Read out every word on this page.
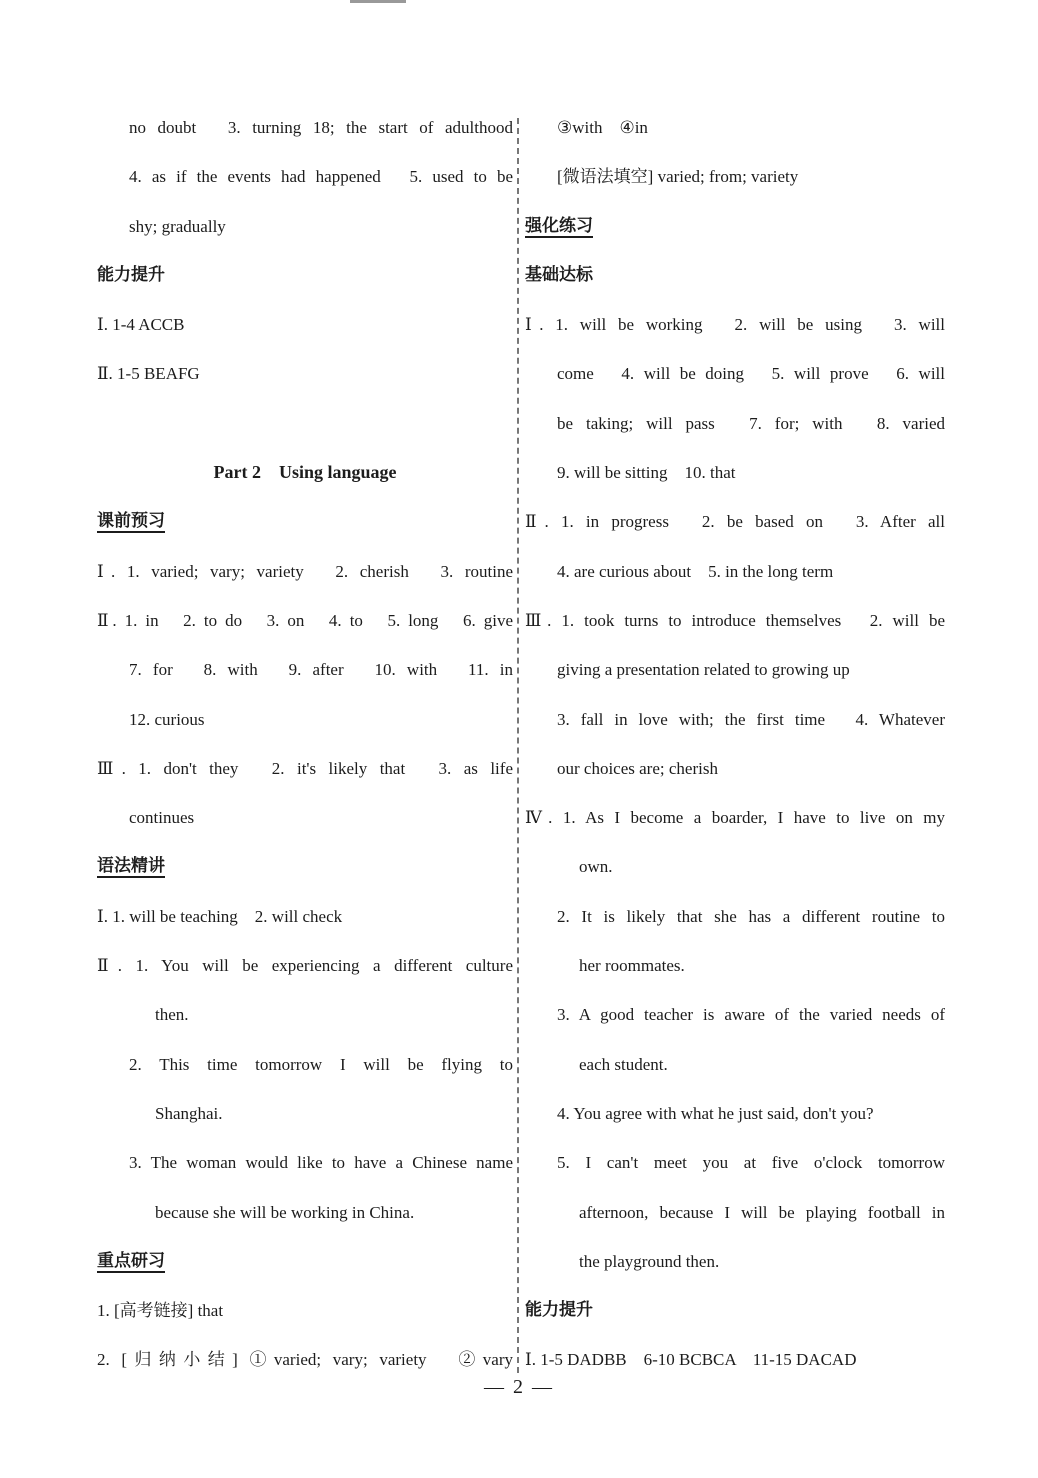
no doubt　3. turning 18; the start of adulthood
4. as if the events had happened　5. used to be
shy; gradually
能力提升
Ⅰ. 1-4 ACCB
Ⅱ. 1-5 BEAFG
Part 2　Using language
课前预习
Ⅰ. 1. varied; vary; variety　2. cherish　3. routine
Ⅱ. 1. in　2. to do　3. on　4. to　5. long　6. give
7. for　8. with　9. after　10. with　11. in
12. curious
Ⅲ. 1. don't they　2. it's likely that　3. as life
continues
语法精讲
Ⅰ. 1. will be teaching　2. will check
Ⅱ. 1. You will be experiencing a different culture
then.
2. This time tomorrow I will be flying to
Shanghai.
3. The woman would like to have a Chinese name
because she will be working in China.
重点研习
1. [高考链接] that
2. [归纳小结] ①varied; vary; variety　②vary
③with　④in
[微语法填空] varied; from; variety
强化练习
基础达标
Ⅰ. 1. will be working　2. will be using　3. will
come　4. will be doing　5. will prove　6. will
be taking; will pass　7. for; with　8. varied
9. will be sitting　10. that
Ⅱ. 1. in progress　2. be based on　3. After all
4. are curious about　5. in the long term
Ⅲ. 1. took turns to introduce themselves　2. will be
giving a presentation related to growing up
3. fall in love with; the first time　4. Whatever
our choices are; cherish
Ⅳ. 1. As I become a boarder, I have to live on my
own.
2. It is likely that she has a different routine to
her roommates.
3. A good teacher is aware of the varied needs of
each student.
4. You agree with what he just said, don't you?
5. I can't meet you at five o'clock tomorrow
afternoon, because I will be playing football in
the playground then.
能力提升
Ⅰ. 1-5 DADBB　6-10 BCBCA　11-15 DACAD
— 2 —
